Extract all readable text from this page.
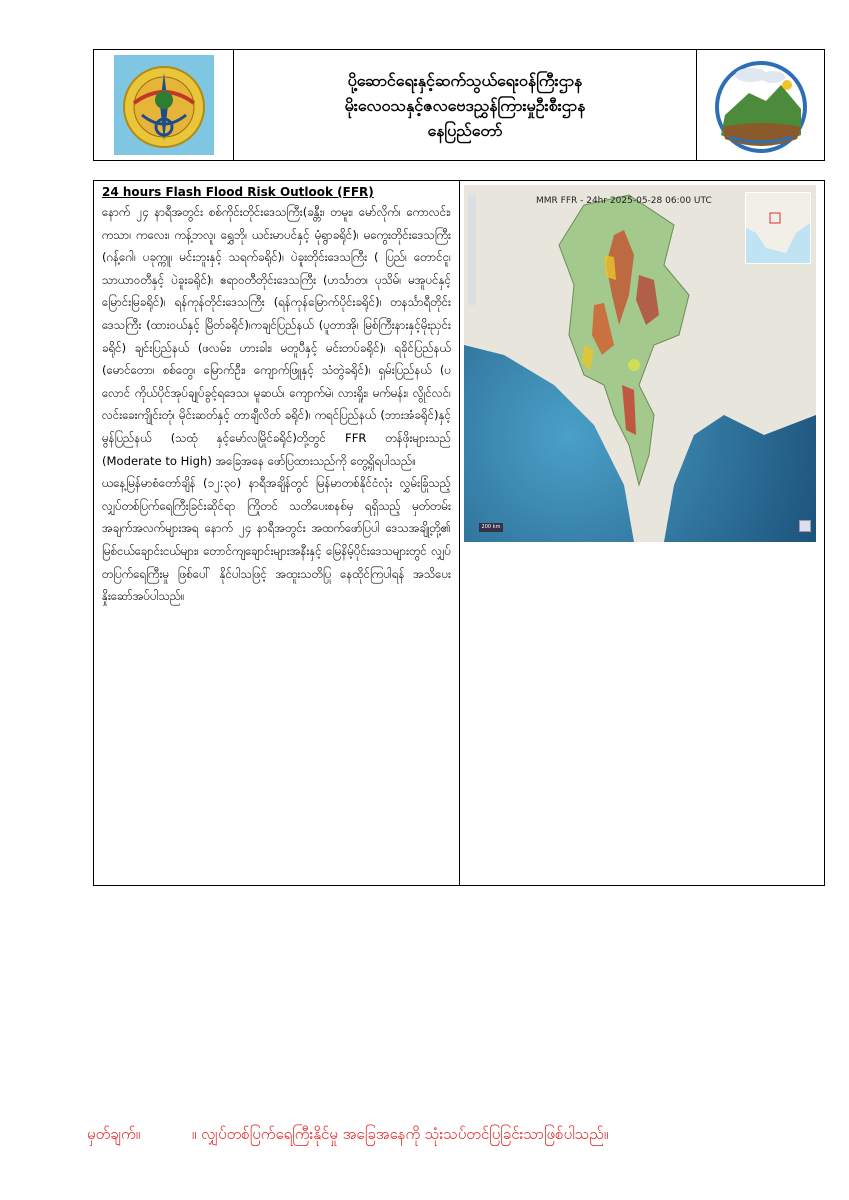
ပို့ဆောင်ရေးနှင့်ဆက်သွယ်ရေးဝန်ကြီးဌာန
မိုးလေဝသနှင့်ဇလဗေဒညွှန်ကြားမှုဦးစီးဌာန
နေပြည်တော်

24 hours Flash Flood Risk Outlook (FFR)

နောက် ၂၄ နာရီအတွင်း စစ်ကိုင်းတိုင်းဒေသကြီး(ခန္တီး၊ တမူး၊ မော်လိုက်၊ ကောလင်း၊ ကသာ၊ ကလေး၊ ကန့်ဘလူ၊ ရွှေဘို၊ ယင်းမာပင်နှင့် မုံရွာခရိုင်)၊ မကွေးတိုင်းဒေသကြီး (ဂန့်ဂေါ၊ ပခုက္ကူ၊ မင်းဘူးနှင့် သရက်ခရိုင်)၊ ပဲခူးတိုင်းဒေသကြီး ( ပြည်၊ တောင်ငူ၊သာယာဝတီနှင့် ပဲခူးခရိုင်)၊ ဧရာဝတီတိုင်းဒေသကြီး (ဟင်္သာတ၊ ပုသိမ်၊ မအူပင်နှင့်မြောင်းမြခရိုင်)၊ ရန်ကုန်တိုင်းဒေသကြီး (ရန်ကုန်မြောက်ပိုင်းခရိုင်)၊ တနင်္သာရီတိုင်းဒေသကြီး (ထားဝယ်နှင့် မြိတ်ခရိုင်)၊ကချင်ပြည်နယ် (ပူတာအို၊ မြစ်ကြီးနားနှင့်မိုးညှင်းခရိုင်) ချင်းပြည်နယ် (ဖလမ်း၊ ဟားခါး၊ မတူပီနှင့် မင်းတပ်ခရိုင်)၊ ရခိုင်ပြည်နယ် (မောင်တော၊ စစ်တွေ၊ မြောက်ဦး၊ ကျောက်ဖြူနှင့် သံတွဲခရိုင်)၊ ရှမ်းပြည်နယ် (ပလောင် ကိုယ်ပိုင်အုပ်ချုပ်ခွင့်ရဒေသ၊ မူဆယ်၊ ကျောက်မဲ၊ လားရှိုး၊ မက်မန်း၊ လွိုင်လင်၊ လင်းခေးကျိုင်းတုံ၊ မိုင်းဆတ်နှင့် တာချီလိတ် ခရိုင်)၊ ကရင်ပြည်နယ် (ဘားအံခရိုင်)နှင့် မွန်ပြည်နယ် (သထုံ နှင့်မော်လမြိုင်ခရိုင်)တို့တွင် FFR တန်ဖိုးများသည် (Moderate to High) အခြေအနေ ဖော်ပြထားသည်ကို တွေ့ရှိရပါသည်။

ယနေ့မြန်မာစံတော်ချိန် (၁၂:၃၀) နာရီအချိန်တွင် မြန်မာတစ်နိုင်ငံလုံး လွှမ်းခြုံသည့် လျှပ်တစ်ပြက်ရေကြီးခြင်းဆိုင်ရာ ကြိုတင် သတိပေးစနစ်မှ ရရှိသည့် မှတ်တမ်းအချက်အလက်များအရ နောက် ၂၄ နာရီအတွင်း အထက်ဖော်ပြပါ ဒေသအချို့တို့၏ မြစ်ငယ်ချောင်းငယ်များ၊ တောင်ကျချောင်းများအနီးနှင့် မြေနိမ့်ပိုင်းဒေသများတွင် လျှပ်တပြက်ရေကြီးမှု ဖြစ်ပေါ် နိုင်ပါသဖြင့် အထူးသတိပြု နေထိုင်ကြပါရန် အသိပေးနှိုးဆော်အပ်ပါသည်။

MMR FFR - 24hr 2025-05-28 06:00 UTC
200 km
မှတ်ချက်။	။ လျှပ်တစ်ပြက်ရေကြီးနိုင်မှု အခြေအနေကို သုံးသပ်တင်ပြခြင်းသာဖြစ်ပါသည်။
